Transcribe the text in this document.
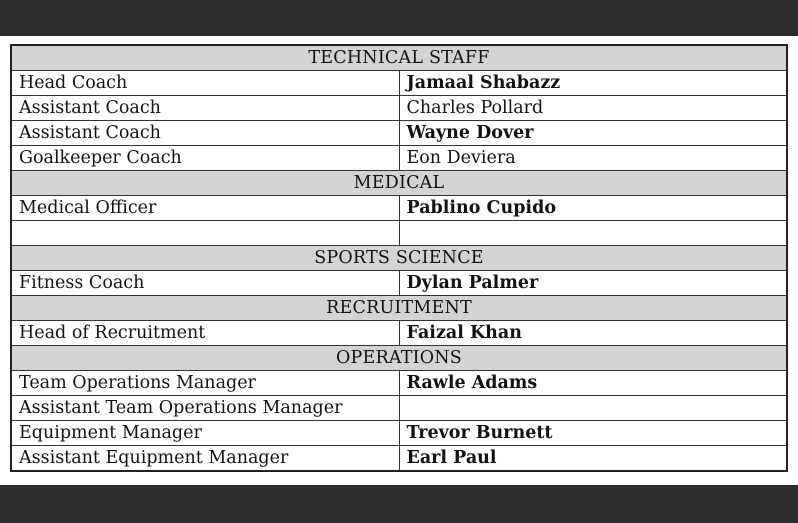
TECHNICAL STAFF	
Head Coach	Jamaal Shabazz
Assistant Coach	Charles Pollard
Assistant Coach	Wayne Dover
Goalkeeper Coach	Eon Deviera
MEDICAL	
Medical Officer	Pablino Cupido

SPORTS SCIENCE	
Fitness Coach	Dylan Palmer
RECRUITMENT	
Head of Recruitment	Faizal Khan
OPERATIONS	
Team Operations Manager	Rawle Adams
Assistant Team Operations Manager	
Equipment Manager	Trevor Burnett
Assistant Equipment Manager	Earl Paul
